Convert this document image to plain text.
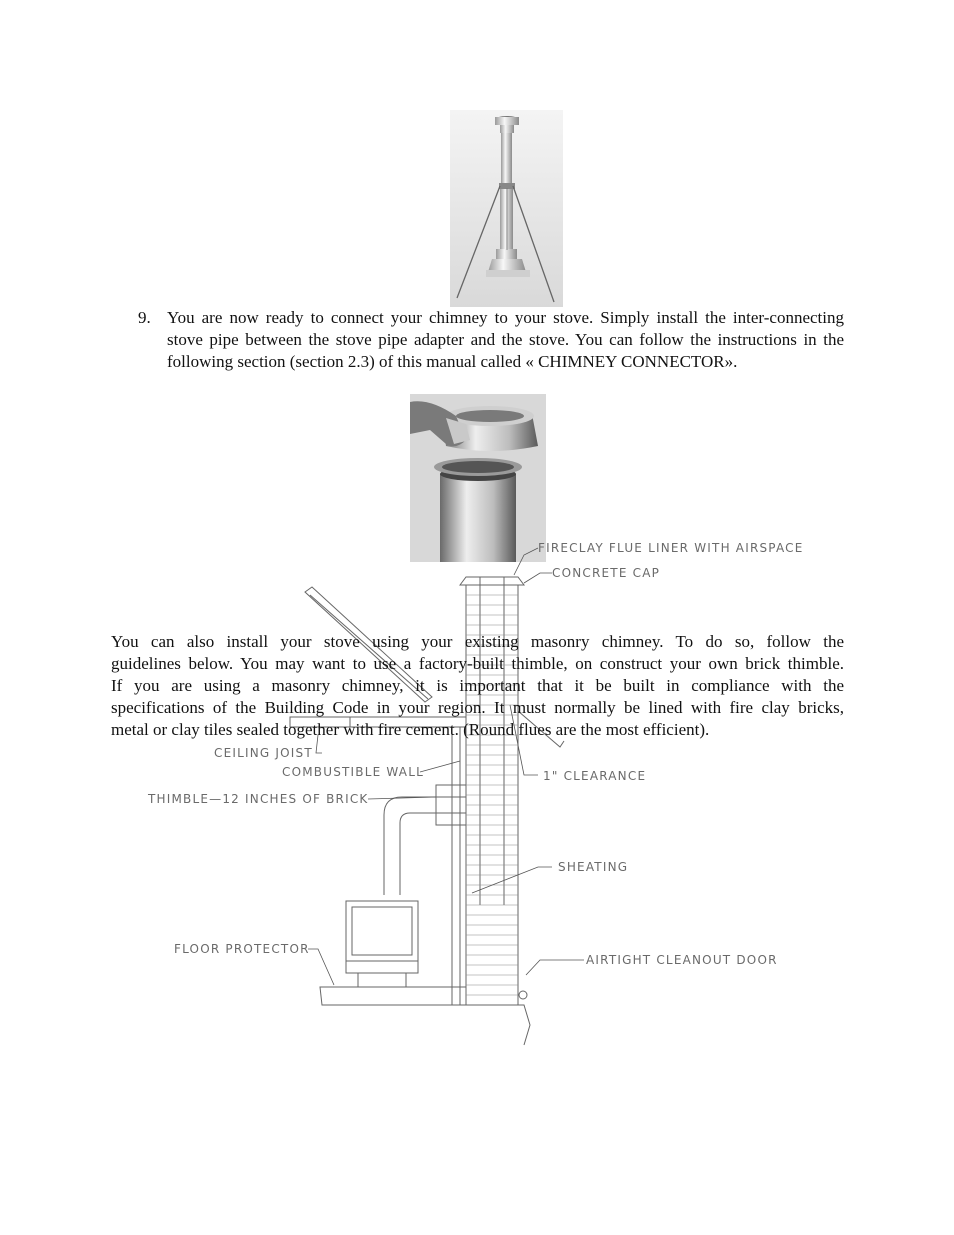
9. You are now ready to connect your chimney to your stove. Simply install the inter-connecting stove pipe between the stove pipe adapter and the stove. You can follow the instructions in the following section (section 2.3) of this manual called « CHIMNEY CONNECTOR».
FIRECLAY FLUE LINER WITH AIRSPACE
CONCRETE CAP
CEILING JOIST
COMBUSTIBLE WALL	1" CLEARANCE
THIMBLE—12 INCHES OF BRICK
SHEATING
FLOOR PROTECTOR
AIRTIGHT CLEANOUT DOOR
You can also install your stove using your existing masonry chimney. To do so, follow the
guidelines below. You may want to use a factory-built thimble, on construct your own brick thimble.
If you are using a masonry chimney, it is important that it be built in compliance with the
specifications of the Building Code in your region. It must normally be lined with fire clay bricks,
metal or clay tiles sealed together with fire cement. (Round flues are the most efficient).
